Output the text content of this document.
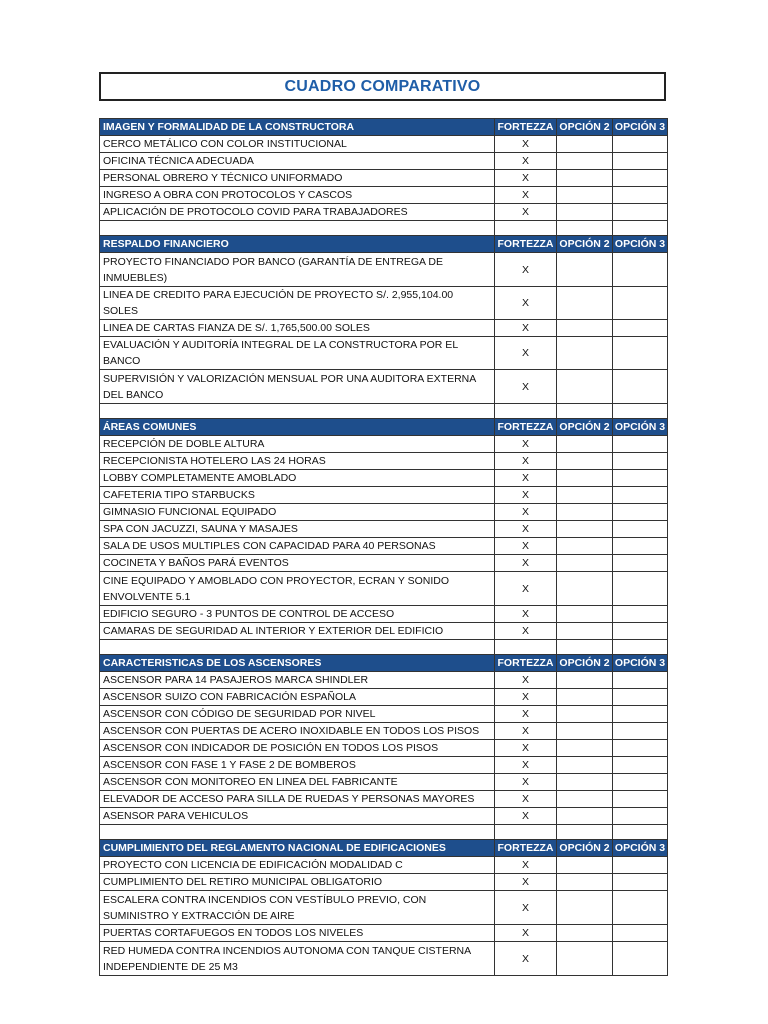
CUADRO COMPARATIVO
IMAGEN Y FORMALIDAD DE LA CONSTRUCTORA	FORTEZZA	OPCIÓN 2	OPCIÓN 3
CERCO METÁLICO CON COLOR INSTITUCIONAL	X		
OFICINA TÉCNICA ADECUADA	X		
PERSONAL OBRERO Y TÉCNICO UNIFORMADO	X		
INGRESO A OBRA CON PROTOCOLOS Y CASCOS	X		
APLICACIÓN DE PROTOCOLO COVID PARA TRABAJADORES	X		

RESPALDO FINANCIERO	FORTEZZA	OPCIÓN 2	OPCIÓN 3
PROYECTO FINANCIADO POR BANCO (GARANTÍA DE ENTREGA DE INMUEBLES)	X		
LINEA DE CREDITO PARA EJECUCIÓN DE PROYECTO S/. 2,955,104.00 SOLES	X		
LINEA DE CARTAS FIANZA DE S/. 1,765,500.00 SOLES	X		
EVALUACIÓN Y AUDITORÍA INTEGRAL DE LA CONSTRUCTORA POR EL BANCO	X		
SUPERVISIÓN Y VALORIZACIÓN MENSUAL POR UNA AUDITORA EXTERNA DEL BANCO	X		

ÁREAS COMUNES	FORTEZZA	OPCIÓN 2	OPCIÓN 3
RECEPCIÓN DE DOBLE ALTURA	X		
RECEPCIONISTA HOTELERO LAS 24 HORAS	X		
LOBBY COMPLETAMENTE AMOBLADO	X		
CAFETERIA TIPO STARBUCKS	X		
GIMNASIO FUNCIONAL EQUIPADO	X		
SPA CON JACUZZI, SAUNA Y MASAJES	X		
SALA DE USOS MULTIPLES CON CAPACIDAD PARA 40 PERSONAS	X		
COCINETA Y BAÑOS PARÁ EVENTOS	X		
CINE EQUIPADO Y AMOBLADO CON PROYECTOR, ECRAN Y SONIDO ENVOLVENTE 5.1	X		
EDIFICIO SEGURO - 3 PUNTOS DE CONTROL DE ACCESO	X		
CAMARAS DE SEGURIDAD AL INTERIOR Y EXTERIOR DEL EDIFICIO	X		

CARACTERISTICAS DE LOS ASCENSORES	FORTEZZA	OPCIÓN 2	OPCIÓN 3
ASCENSOR PARA 14 PASAJEROS MARCA SHINDLER	X		
ASCENSOR SUIZO CON FABRICACIÓN ESPAÑOLA	X		
ASCENSOR CON CÓDIGO DE SEGURIDAD POR NIVEL	X		
ASCENSOR CON PUERTAS DE ACERO INOXIDABLE EN TODOS LOS PISOS	X		
ASCENSOR CON INDICADOR DE POSICIÓN EN TODOS LOS PISOS	X		
ASCENSOR CON FASE 1 Y FASE 2 DE BOMBEROS	X		
ASCENSOR CON MONITOREO EN LINEA DEL FABRICANTE	X		
ELEVADOR DE ACCESO PARA SILLA DE RUEDAS Y PERSONAS MAYORES	X		
ASENSOR PARA VEHICULOS	X		

CUMPLIMIENTO DEL REGLAMENTO NACIONAL DE EDIFICACIONES	FORTEZZA	OPCIÓN 2	OPCIÓN 3
PROYECTO CON LICENCIA DE EDIFICACIÓN MODALIDAD C	X		
CUMPLIMIENTO DEL RETIRO MUNICIPAL OBLIGATORIO	X		
ESCALERA CONTRA INCENDIOS CON VESTÍBULO PREVIO, CON SUMINISTRO Y EXTRACCIÓN DE AIRE	X		
PUERTAS CORTAFUEGOS EN TODOS LOS NIVELES	X		
RED HUMEDA CONTRA INCENDIOS AUTONOMA CON TANQUE CISTERNA INDEPENDIENTE DE 25 M3	X		
